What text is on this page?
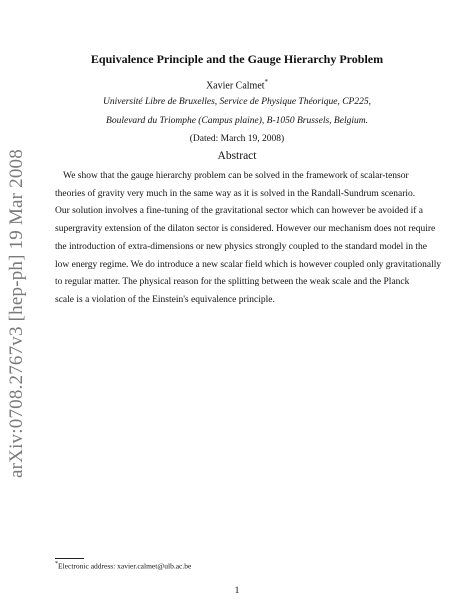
arXiv:0708.2767v3 [hep-ph] 19 Mar 2008
Equivalence Principle and the Gauge Hierarchy Problem
Xavier Calmet*
Université Libre de Bruxelles, Service de Physique Théorique, CP225,
Boulevard du Triomphe (Campus plaine), B-1050 Brussels, Belgium.
(Dated: March 19, 2008)
Abstract
We show that the gauge hierarchy problem can be solved in the framework of scalar-tensor
theories of gravity very much in the same way as it is solved in the Randall-Sundrum scenario.
Our solution involves a fine-tuning of the gravitational sector which can however be avoided if a
supergravity extension of the dilaton sector is considered. However our mechanism does not require
the introduction of extra-dimensions or new physics strongly coupled to the standard model in the
low energy regime. We do introduce a new scalar field which is however coupled only gravitationally
to regular matter. The physical reason for the splitting between the weak scale and the Planck
scale is a violation of the Einstein's equivalence principle.
*Electronic address: xavier.calmet@ulb.ac.be
1
